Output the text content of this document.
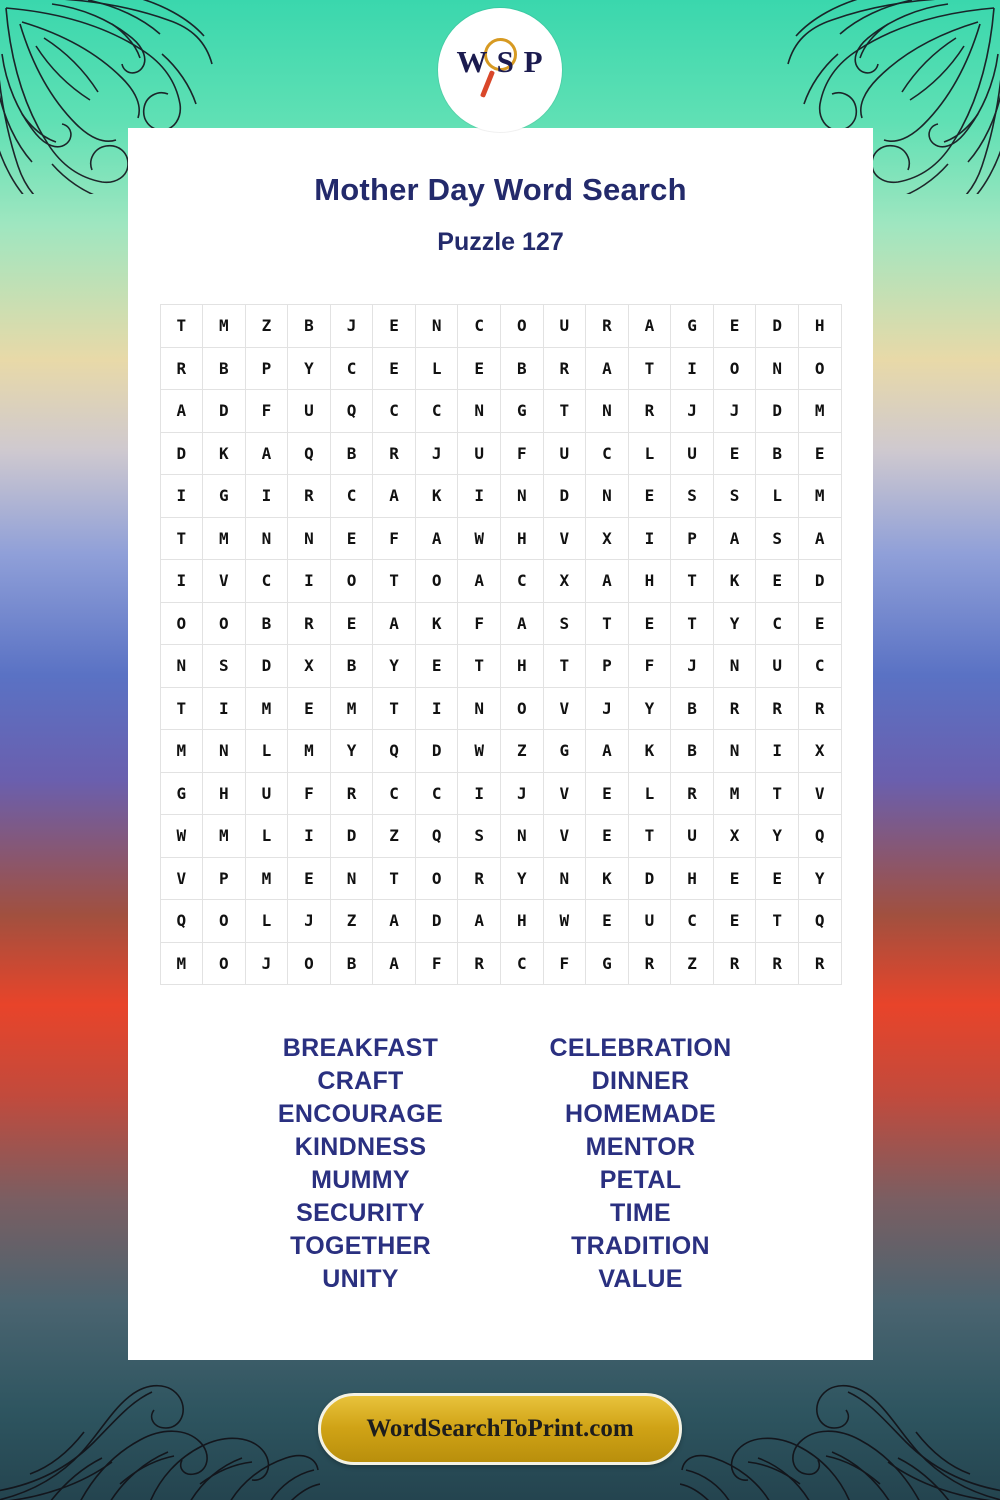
Mother Day Word Search
Puzzle 127
T	M	Z	B	J	E	N	C	O	U	R	A	G	E	D	H
R	B	P	Y	C	E	L	E	B	R	A	T	I	O	N	O
A	D	F	U	Q	C	C	N	G	T	N	R	J	J	D	M
D	K	A	Q	B	R	J	U	F	U	C	L	U	E	B	E
I	G	I	R	C	A	K	I	N	D	N	E	S	S	L	M
T	M	N	N	E	F	A	W	H	V	X	I	P	A	S	A
I	V	C	I	O	T	O	A	C	X	A	H	T	K	E	D
O	O	B	R	E	A	K	F	A	S	T	E	T	Y	C	E
N	S	D	X	B	Y	E	T	H	T	P	F	J	N	U	C
T	I	M	E	M	T	I	N	O	V	J	Y	B	R	R	R
M	N	L	M	Y	Q	D	W	Z	G	A	K	B	N	I	X
G	H	U	F	R	C	C	I	J	V	E	L	R	M	T	V
W	M	L	I	D	Z	Q	S	N	V	E	T	U	X	Y	Q
V	P	M	E	N	T	O	R	Y	N	K	D	H	E	E	Y
Q	O	L	J	Z	A	D	A	H	W	E	U	C	E	T	Q
M	O	J	O	B	A	F	R	C	F	G	R	Z	R	R	R
BREAKFAST
CRAFT
ENCOURAGE
KINDNESS
MUMMY
SECURITY
TOGETHER
UNITY
CELEBRATION
DINNER
HOMEMADE
MENTOR
PETAL
TIME
TRADITION
VALUE
W S P
WordSearchToPrint.com
